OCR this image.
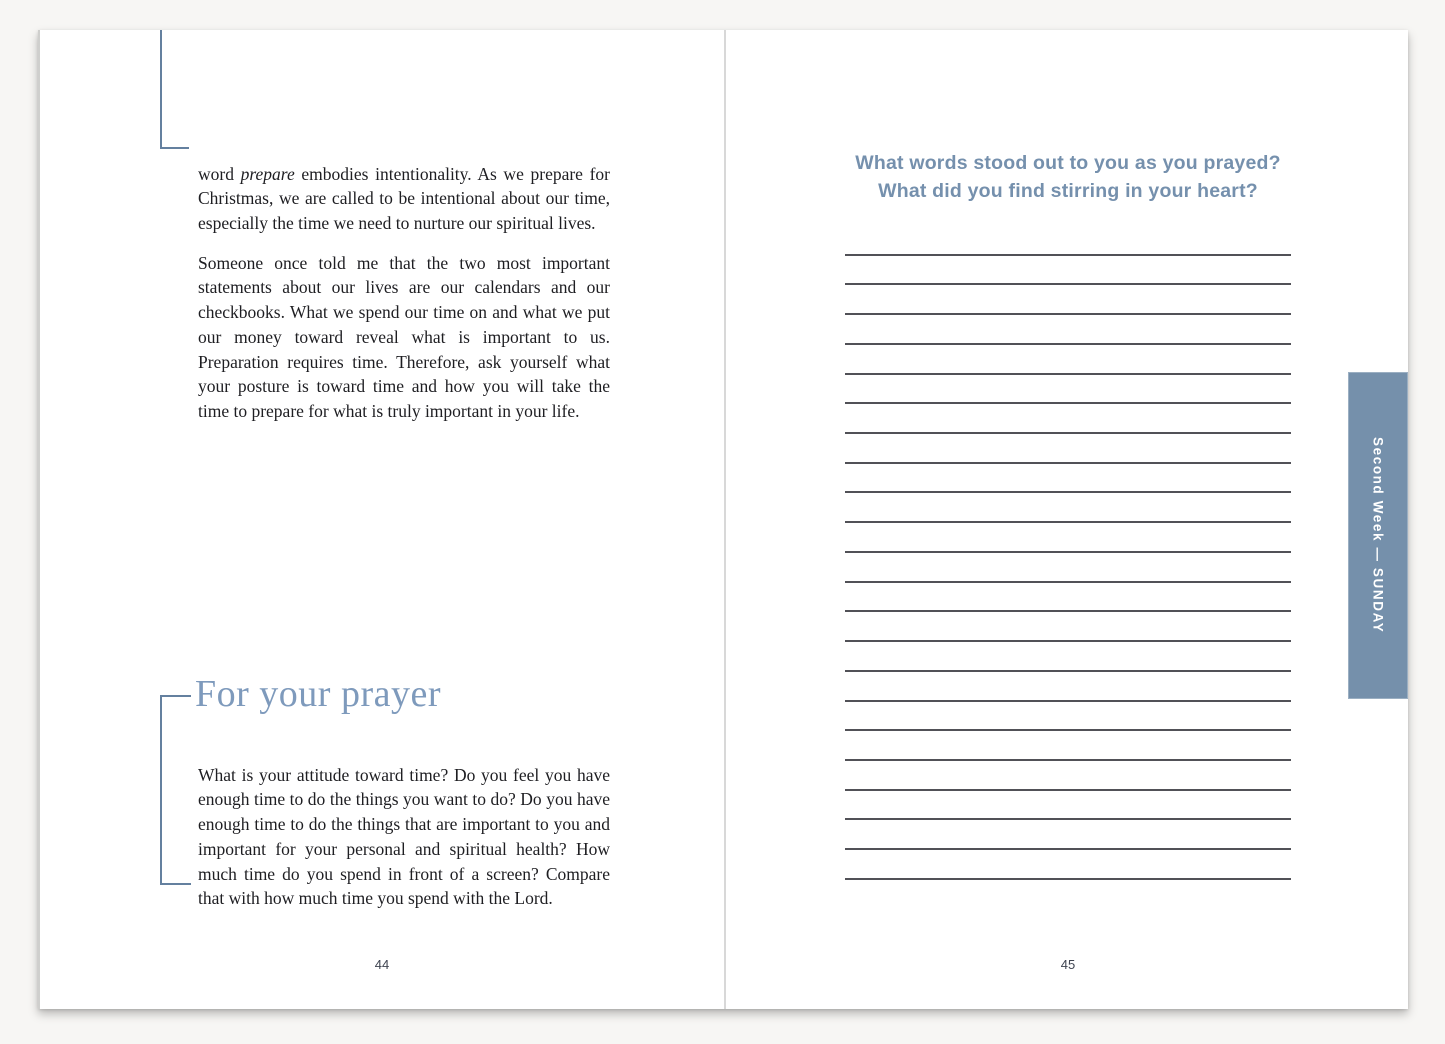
word prepare embodies intentionality. As we prepare for Christmas, we are called to be intentional about our time, especially the time we need to nurture our spiritual lives.

Someone once told me that the two most important statements about our lives are our calendars and our checkbooks. What we spend our time on and what we put our money toward reveal what is important to us. Preparation requires time. Therefore, ask yourself what your posture is toward time and how you will take the time to prepare for what is truly important in your life.

For your prayer

What is your attitude toward time? Do you feel you have enough time to do the things you want to do? Do you have enough time to do the things that are important to you and important for your personal and spiritual health? How much time do you spend in front of a screen? Compare that with how much time you spend with the Lord.

44
What words stood out to you as you prayed?
What did you find stirring in your heart?
45
Second Week — SUNDAY
